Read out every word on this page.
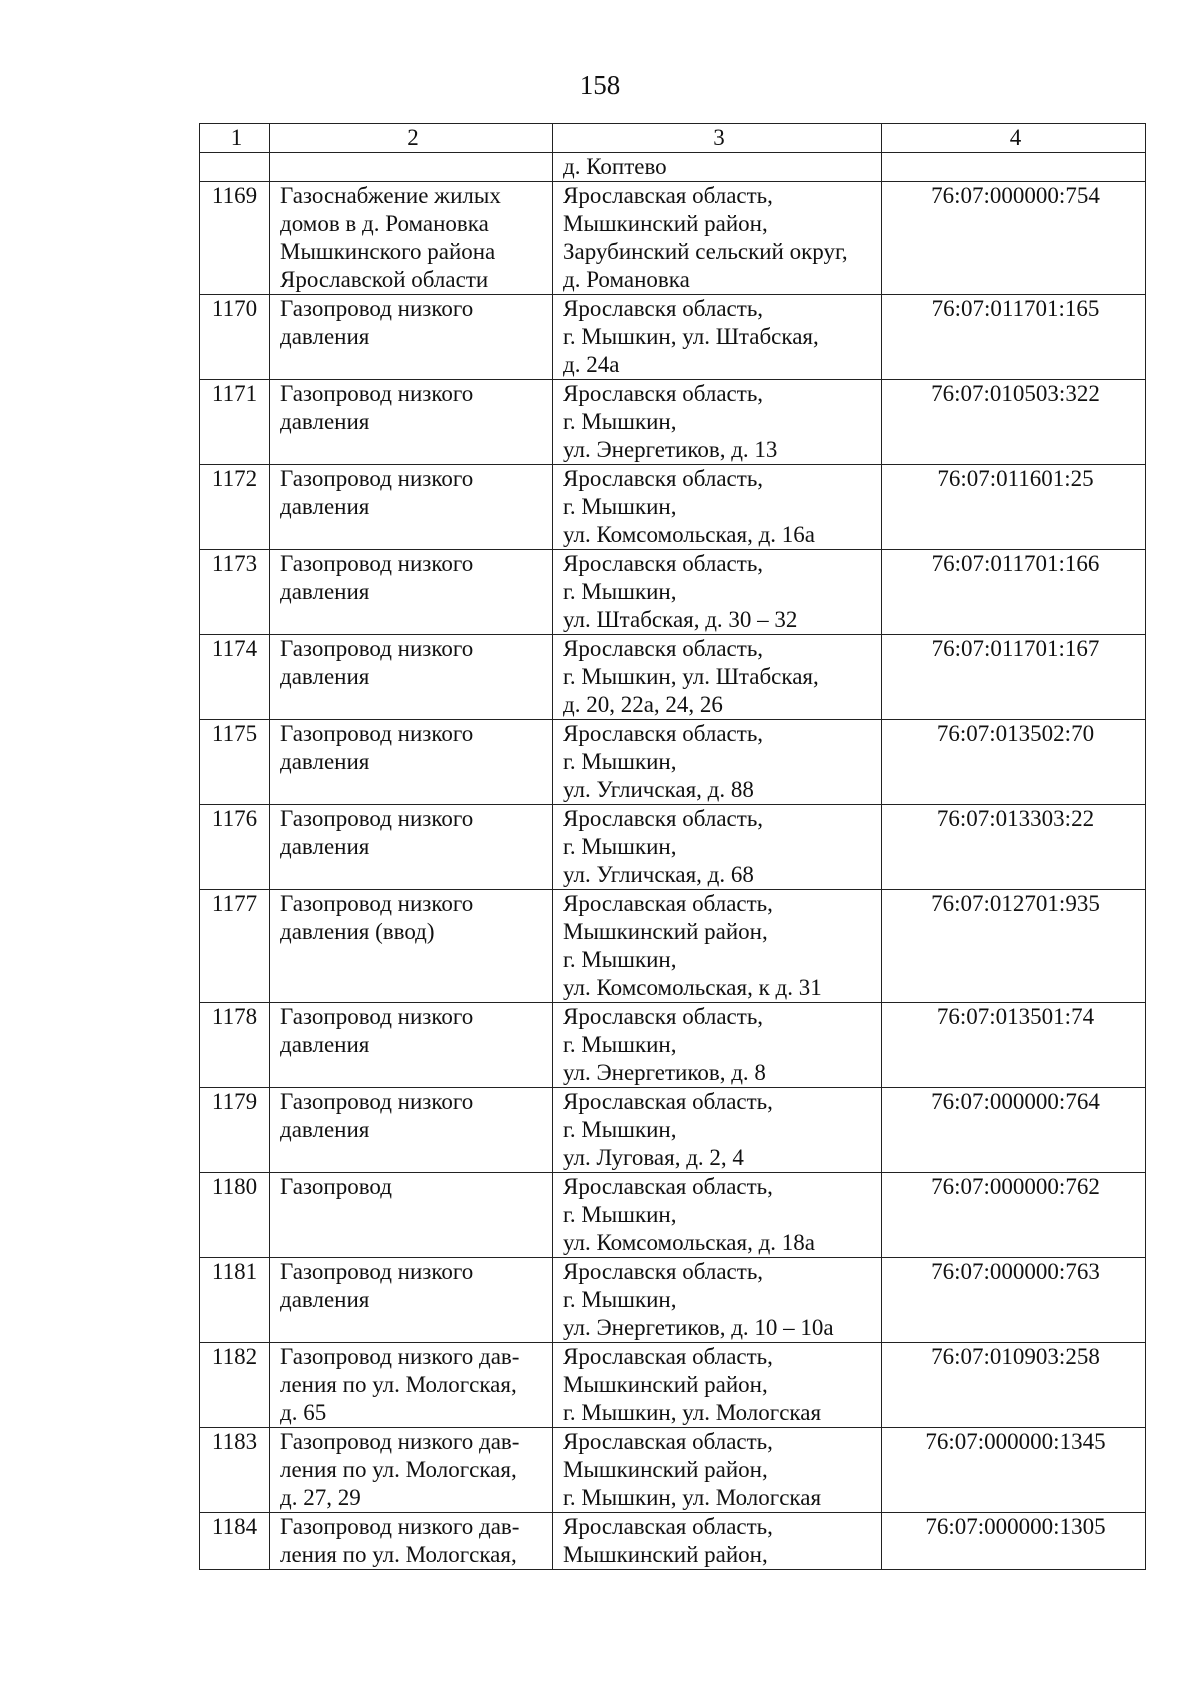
158
1	2	3	4

		д. Коптево	

1169	Газоснабжение жилых
домов в д. Романовка
Мышкинского района
Ярославской области	Ярославская область,
Мышкинский район,
Зарубинский сельский округ,
д. Романовка	76:07:000000:754
1170	Газопровод низкого
давления	Ярославскя область,
г. Мышкин, ул. Штабская,
д. 24а	76:07:011701:165
1171	Газопровод низкого
давления	Ярославскя область,
г. Мышкин,
ул. Энергетиков, д. 13	76:07:010503:322
1172	Газопровод низкого
давления	Ярославскя область,
г. Мышкин,
ул. Комсомольская, д. 16а	76:07:011601:25
1173	Газопровод низкого
давления	Ярославскя область,
г. Мышкин,
ул. Штабская, д. 30 – 32	76:07:011701:166
1174	Газопровод низкого
давления	Ярославскя область,
г. Мышкин, ул. Штабская,
д. 20, 22а, 24, 26	76:07:011701:167
1175	Газопровод низкого
давления	Ярославскя область,
г. Мышкин,
ул. Угличская, д. 88	76:07:013502:70
1176	Газопровод низкого
давления	Ярославскя область,
г. Мышкин,
ул. Угличская, д. 68	76:07:013303:22
1177	Газопровод низкого
давления (ввод)	Ярославская область,
Мышкинский район,
г. Мышкин,
ул. Комсомольская, к д. 31	76:07:012701:935
1178	Газопровод низкого
давления	Ярославскя область,
г. Мышкин,
ул. Энергетиков, д. 8	76:07:013501:74
1179	Газопровод низкого
давления	Ярославская область,
г. Мышкин,
ул. Луговая, д. 2, 4	76:07:000000:764
1180	Газопровод	Ярославская область,
г. Мышкин,
ул. Комсомольская, д. 18а	76:07:000000:762
1181	Газопровод низкого
давления	Ярославскя область,
г. Мышкин,
ул. Энергетиков, д. 10 – 10а	76:07:000000:763
1182	Газопровод низкого дав-
ления по ул. Мологская,
д. 65	Ярославская область,
Мышкинский район,
г. Мышкин, ул. Мологская	76:07:010903:258
1183	Газопровод низкого дав-
ления по ул. Мологская,
д. 27, 29	Ярославская область,
Мышкинский район,
г. Мышкин, ул. Мологская	76:07:000000:1345
1184	Газопровод низкого дав-
ления по ул. Мологская,	Ярославская область,
Мышкинский район,	76:07:000000:1305
